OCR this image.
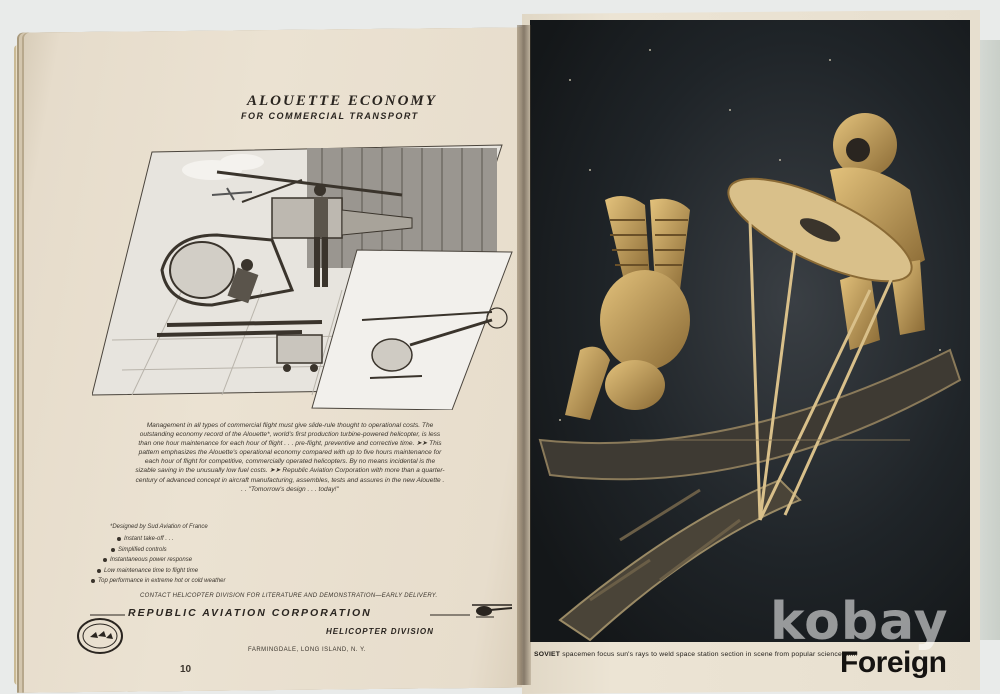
ALOUETTE ECONOMY
FOR COMMERCIAL TRANSPORT
Management in all types of commercial flight must give slide-rule thought to operational costs. The outstanding economy record of the Alouette*, world's first production turbine-powered helicopter, is less than one hour maintenance for each hour of flight . . . pre-flight, preventive and corrective time. ➤➤ This pattern emphasizes the Alouette's operational economy compared with up to five hours maintenance for each hour of flight for competitive, commercially operated helicopters. By no means incidental is the sizable saving in the unusually low fuel costs. ➤➤ Republic Aviation Corporation with more than a quarter-century of advanced concept in aircraft manufacturing, assembles, tests and assures in the new Alouette . . . "Tomorrow's design . . . today!"
*Designed by Sud Aviation of France
Instant take-off . . .
Simplified controls
Instantaneous power response
Low maintenance time to flight time
Top performance in extreme hot or cold weather
CONTACT HELICOPTER DIVISION FOR LITERATURE AND DEMONSTRATION—EARLY DELIVERY.
REPUBLIC AVIATION CORPORATION
HELICOPTER DIVISION
FARMINGDALE, LONG ISLAND, N. Y.
10
SOVIET spacemen focus sun's rays to weld space station section in scene from popular science film.
kobay
Foreign
